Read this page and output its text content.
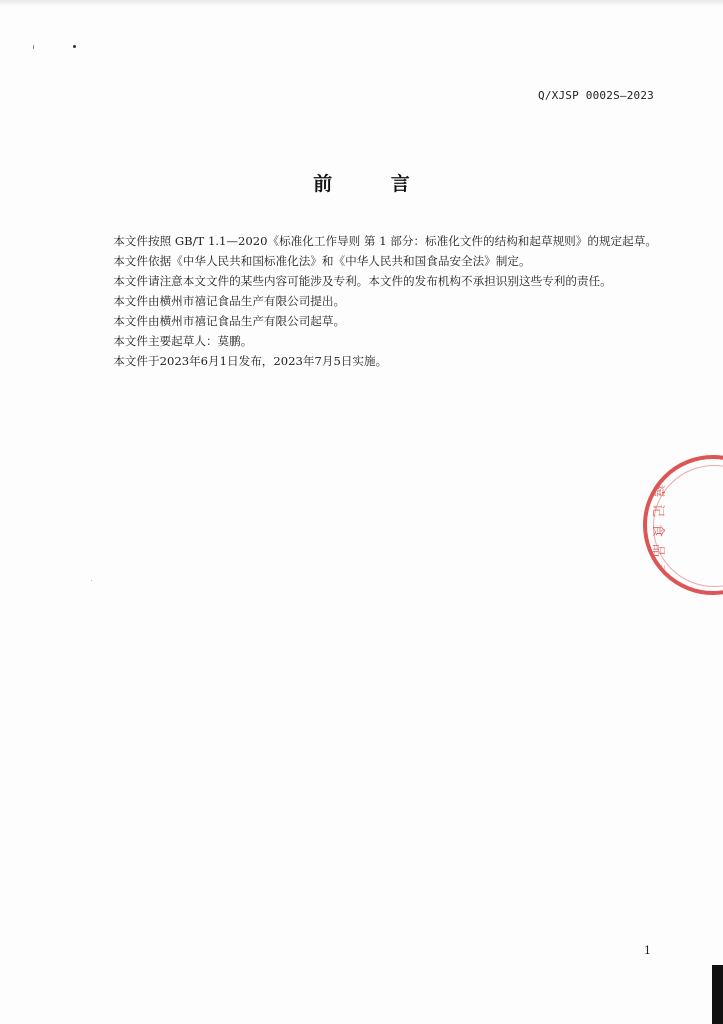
Q/XJSP 0002S—2023
前 言

本文件按照 GB/T 1.1—2020《标准化工作导则 第 1 部分：标准化文件的结构和起草规则》的规定起草。

本文件依据《中华人民共和国标准化法》和《中华人民共和国食品安全法》制定。

本文件请注意本文文件的某些内容可能涉及专利。本文件的发布机构不承担识别这些专利的责任。

本文件由横州市禧记食品生产有限公司提出。

本文件由横州市禧记食品生产有限公司起草。

本文件主要起草人：莫鹏。

本文件于2023年6月1日发布，2023年7月5日实施。

禧
记
食
品
司
1
